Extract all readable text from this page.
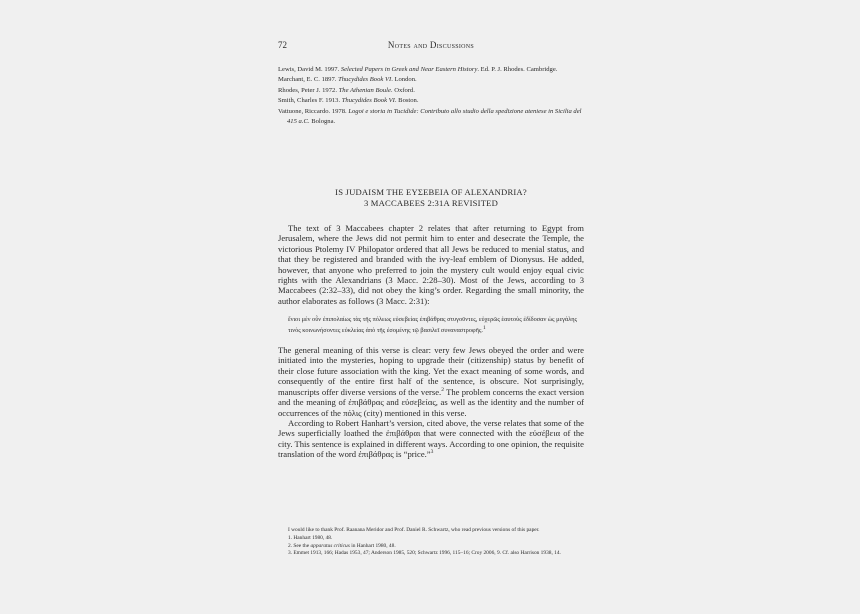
72	Notes and Discussions
Lewis, David M. 1997. Selected Papers in Greek and Near Eastern History. Ed. P. J. Rhodes. Cambridge.
Marchant, E. C. 1897. Thucydides Book VI. London.
Rhodes, Peter J. 1972. The Athenian Boule. Oxford.
Smith, Charles F. 1913. Thucydides Book VI. Boston.
Vattuone, Riccardo. 1978. Logoi e storia in Tucidide: Contributo allo studio della spedizione ateniese in Sicilia del 415 a.C. Bologna.
IS JUDAISM THE ΕΥΣΕΒΕΙΑ OF ALEXANDRIA?
3 MACCABEES 2:31A REVISITED

The text of 3 Maccabees chapter 2 relates that after returning to Egypt from Jerusalem, where the Jews did not permit him to enter and desecrate the Temple, the victorious Ptolemy IV Philopator ordered that all Jews be reduced to menial status, and that they be registered and branded with the ivy-leaf emblem of Dionysus. He added, however, that anyone who preferred to join the mystery cult would enjoy equal civic rights with the Alexandrians (3 Macc. 2:28–30). Most of the Jews, according to 3 Maccabees (2:32–33), did not obey the king’s order. Regarding the small minority, the author elaborates as follows (3 Macc. 2:31):

ἔνιοι μὲν οὖν ἐπιπολαίως τὰς τῆς πόλεως εὐσεβείας ἐπιβάθρας στυγοῦντες, εὐχερῶς ἑαυτοὺς ἐδίδοσαν ὡς μεγάλης τινὸς κοινωνήσοντες εὐκλείας ἀπὸ τῆς ἐσομένης τῷ βασιλεῖ συναναστροφῆς.$^1$

The general meaning of this verse is clear: very few Jews obeyed the order and were initiated into the mysteries, hoping to upgrade their (citizenship) status by benefit of their close future association with the king. Yet the exact meaning of some words, and consequently of the entire first half of the sentence, is obscure. Not surprisingly, manuscripts offer diverse versions of the verse.$^2$ The problem concerns the exact version and the meaning of ἐπιβάθρας and εὐσεβείας, as well as the identity and the number of occurrences of the πόλις (city) mentioned in this verse.

According to Robert Hanhart’s version, cited above, the verse relates that some of the Jews superficially loathed the ἐπιβάθραι that were connected with the εὐσέβεια of the city. This sentence is explained in different ways. According to one opinion, the requisite translation of the word ἐπιβάθρας is “price.”$^3$

I would like to thank Prof. Raanana Meridor and Prof. Daniel R. Schwartz, who read previous versions of this paper.

1. Hanhart 1980, 48.

2. See the apparatus criticus in Hanhart 1980, 48.

3. Emmet 1913, 166; Hadas 1953, 47; Anderson 1985, 520; Schwartz 1996, 115–16; Croy 2006, 9. Cf. also Harrison 1938, 14.
